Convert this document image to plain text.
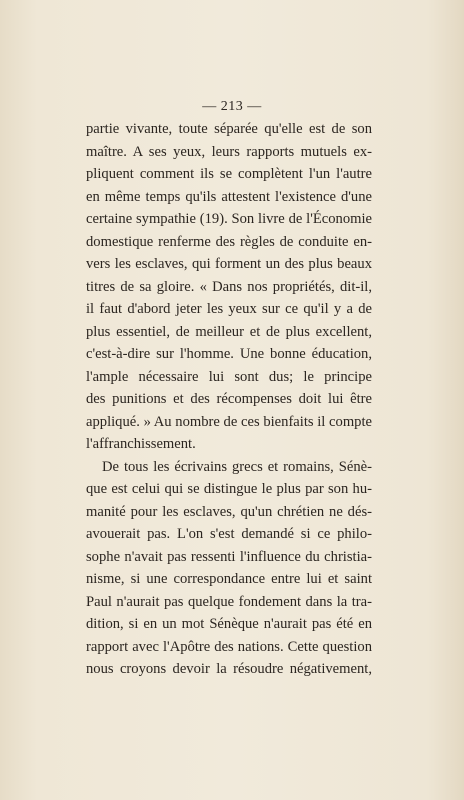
— 213 —
partie vivante, toute séparée qu'elle est de son
maître. A ses yeux, leurs rapports mutuels ex-
pliquent comment ils se complètent l'un l'autre
en même temps qu'ils attestent l'existence d'une
certaine sympathie (19). Son livre de l'Économie
domestique renferme des règles de conduite en-
vers les esclaves, qui forment un des plus beaux
titres de sa gloire. « Dans nos propriétés, dit-il,
il faut d'abord jeter les yeux sur ce qu'il y a de
plus essentiel, de meilleur et de plus excellent,
c'est-à-dire sur l'homme. Une bonne éducation,
l'ample nécessaire lui sont dus; le principe
des punitions et des récompenses doit lui être
appliqué. » Au nombre de ces bienfaits il compte
l'affranchissement.
De tous les écrivains grecs et romains, Sénè-
que est celui qui se distingue le plus par son hu-
manité pour les esclaves, qu'un chrétien ne dés-
avouerait pas. L'on s'est demandé si ce philo-
sophe n'avait pas ressenti l'influence du christia-
nisme, si une correspondance entre lui et saint
Paul n'aurait pas quelque fondement dans la tra-
dition, si en un mot Sénèque n'aurait pas été en
rapport avec l'Apôtre des nations. Cette question
nous croyons devoir la résoudre négativement,
